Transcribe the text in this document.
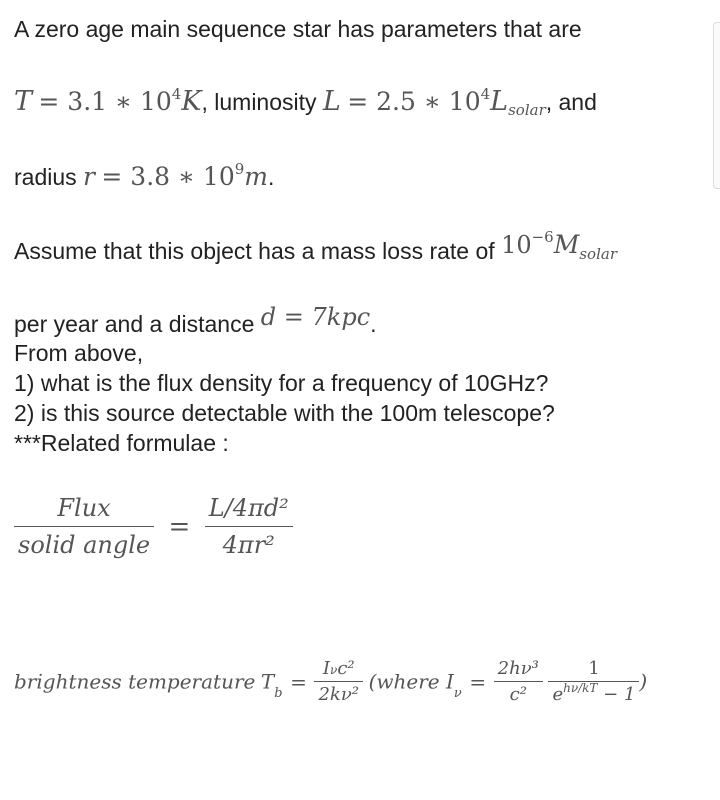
A zero age main sequence star has parameters that are
T = 3.1 ∗ $10^4K$, luminosity L = 2.5 ∗ $10^4L_{solar}$, and
radius r = 3.8 ∗ $10^9m$.
Assume that this object has a mass loss rate of $10^{-6}Msolar$
per year and a distance d = 7kpc.
From above,
1) what is the flux density for a frequency of 10GHz?
2) is this source detectable with the 100m telescope?
***Related formulae :
$\frac{\text{Flux}}{\text{solid angle}} = \frac{\text{L/4πd²}}{\text{4πr²}}$
brightness temperature $T_b = \frac{\text{Iνc²}}{\text{2kν²}}$ (where $I_\nu = \frac{\text{2hν³}}{\text{c²}}$
$\frac{1}{e^{h\nu/kT} - 1}$ )
